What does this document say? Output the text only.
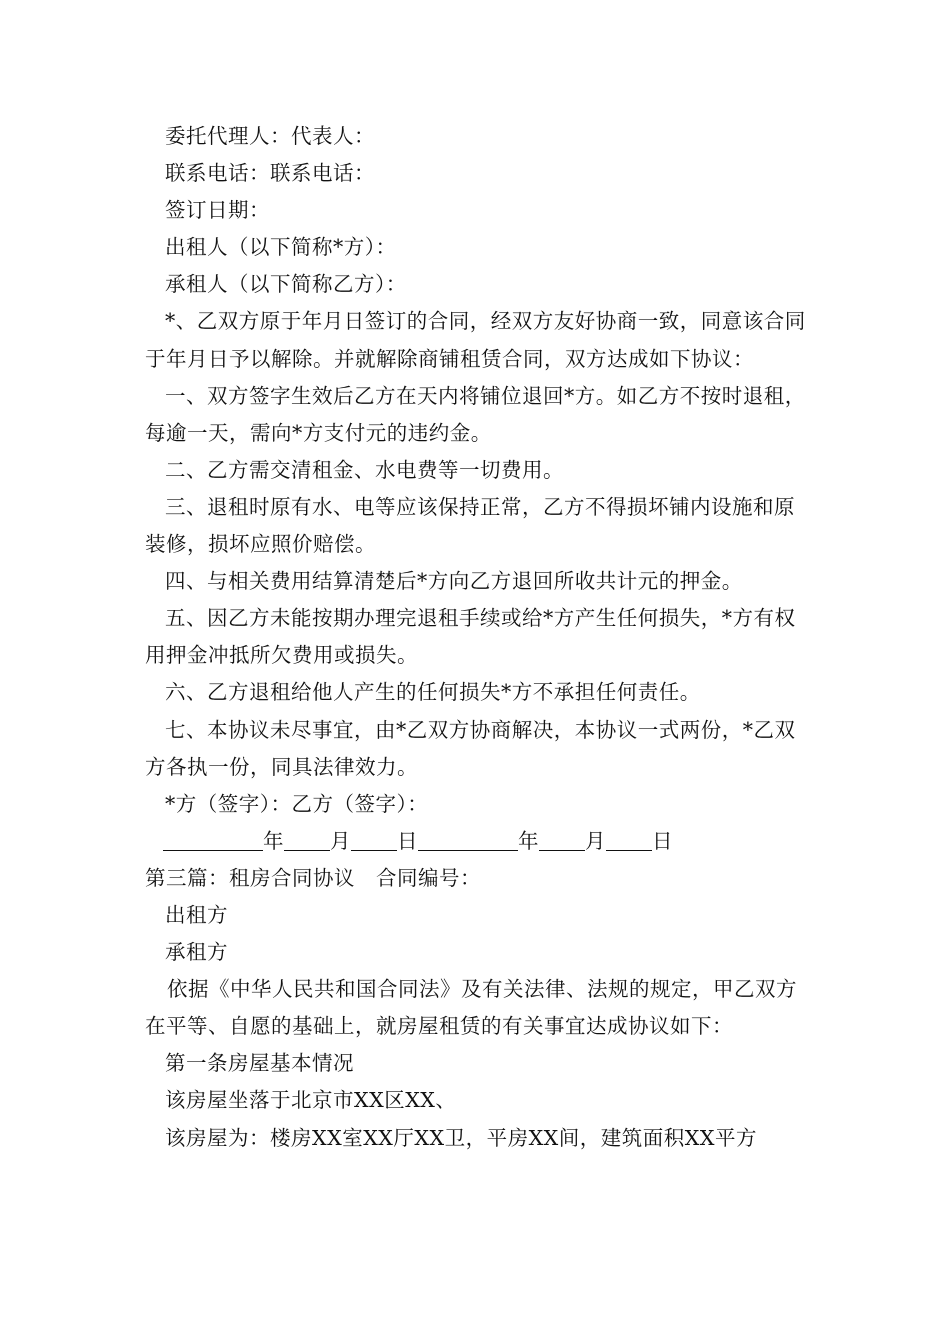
委托代理人：代表人：

联系电话：联系电话：

签订日期：

出租人（以下简称*方）：

承租人（以下简称乙方）：

*、乙双方原于年月日签订的合同，经双方友好协商一致，同意该合同于年月日予以解除。并就解除商铺租赁合同，双方达成如下协议：

一、双方签字生效后乙方在天内将铺位退回*方。如乙方不按时退租，每逾一天，需向*方支付元的违约金。

二、乙方需交清租金、水电费等一切费用。

三、退租时原有水、电等应该保持正常，乙方不得损坏铺内设施和原装修，损坏应照价赔偿。

四、与相关费用结算清楚后*方向乙方退回所收共计元的押金。

五、因乙方未能按期办理完退租手续或给*方产生任何损失，*方有权用押金冲抵所欠费用或损失。

六、乙方退租给他人产生的任何损失*方不承担任何责任。

七、本协议未尽事宜，由*乙双方协商解决，本协议一式两份，*乙双方各执一份，同具法律效力。

*方（签字）：乙方（签字）：

年 月 日	年 月 日

第三篇：租房合同协议　合同编号：

出租方

承租方

依据《中华人民共和国合同法》及有关法律、法规的规定，甲乙双方在平等、自愿的基础上，就房屋租赁的有关事宜达成协议如下：

第一条房屋基本情况

该房屋坐落于北京市XX区XX、

该房屋为：楼房XX室XX厅XX卫，平房XX间，建筑面积XX平方
